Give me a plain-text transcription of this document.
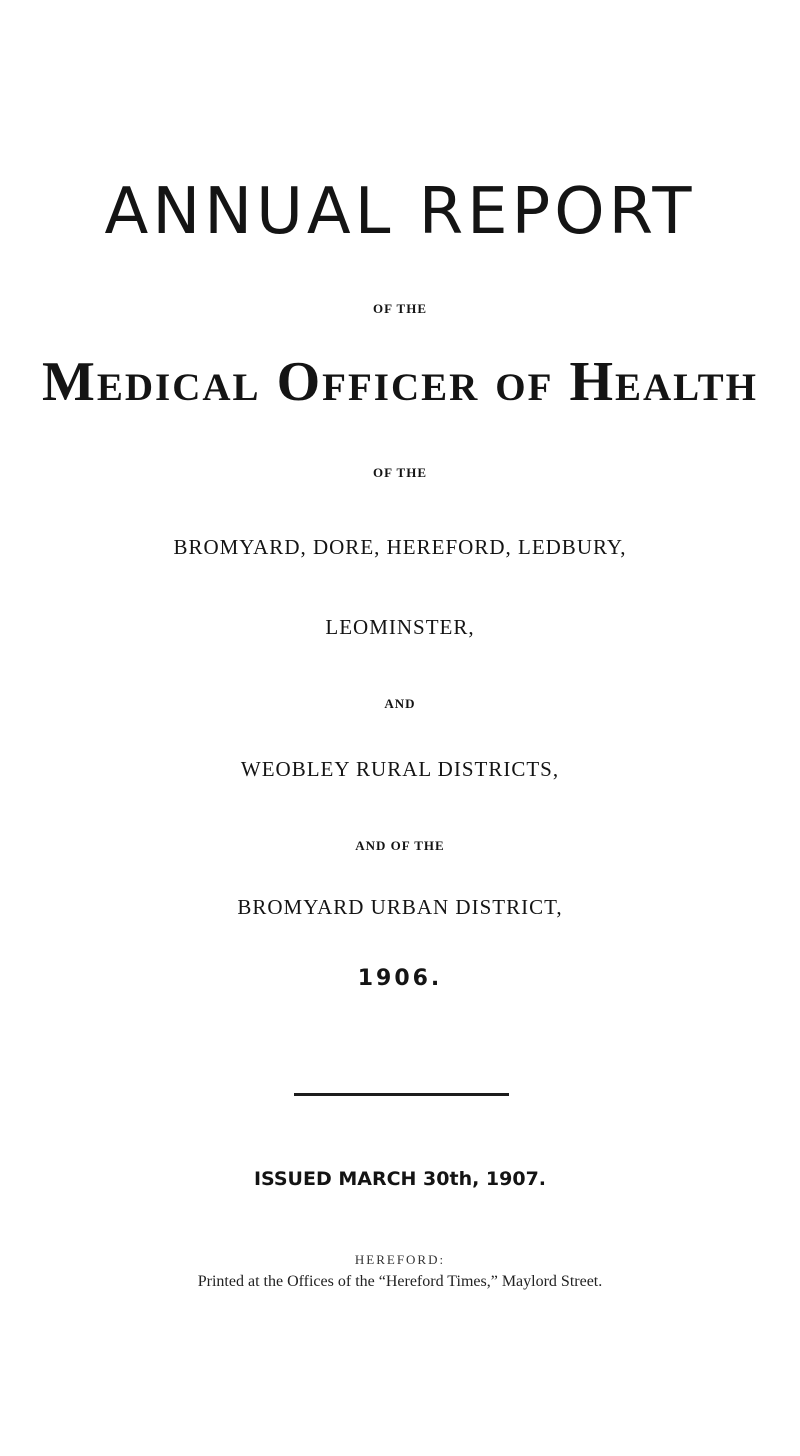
ANNUAL REPORT
OF THE
Medical Officer of Health
OF THE
BROMYARD, DORE, HEREFORD, LEDBURY,
LEOMINSTER,
AND
WEOBLEY RURAL DISTRICTS,
AND OF THE
BROMYARD URBAN DISTRICT,
1906.
ISSUED MARCH 30th, 1907.
HEREFORD:
Printed at the Offices of the “Hereford Times,” Maylord Street.
